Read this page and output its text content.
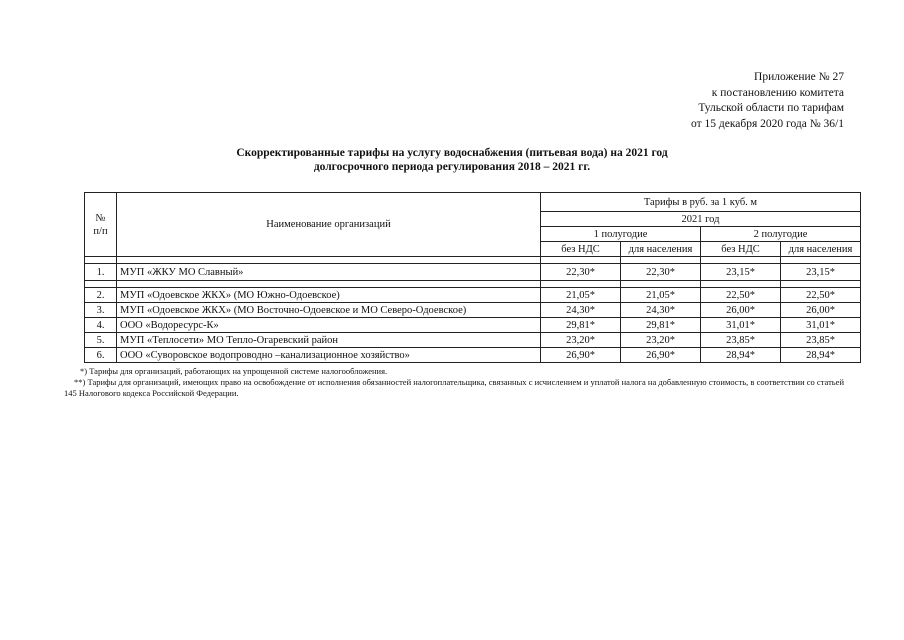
Приложение № 27
к постановлению комитета
Тульской области по тарифам
от 15 декабря 2020 года № 36/1
Скорректированные тарифы на услугу водоснабжения (питьевая вода) на 2021 год
долгосрочного периода регулирования 2018 – 2021 гг.
№
п/п	Наименование организаций	Тарифы в руб. за 1 куб. м			
		2021 год			
		1 полугодие		2 полугодие	
		без НДС	для населения	без НДС	для населения

1.	МУП «ЖКУ МО Славный»	22,30*	22,30*	23,15*	23,15*

2.	МУП «Одоевское ЖКХ» (МО Южно-Одоевское)	21,05*	21,05*	22,50*	22,50*
3.	МУП «Одоевское ЖКХ» (МО Восточно-Одоевское и МО Северо-Одоевское)	24,30*	24,30*	26,00*	26,00*
4.	ООО «Водоресурс-К»	29,81*	29,81*	31,01*	31,01*
5.	МУП «Теплосети» МО Тепло-Огаревский район	23,20*	23,20*	23,85*	23,85*
6.	ООО «Суворовское водопроводно –канализационное хозяйство»	26,90*	26,90*	28,94*	28,94*
*) Тарифы для организаций, работающих на упрощенной системе налогообложения.
**) Тарифы для организаций, имеющих право на освобождение от исполнения обязанностей налогоплательщика, связанных с исчислением и уплатой налога на добавленную стоимость, в соответствии со статьей 145 Налогового кодекса Российской Федерации.
